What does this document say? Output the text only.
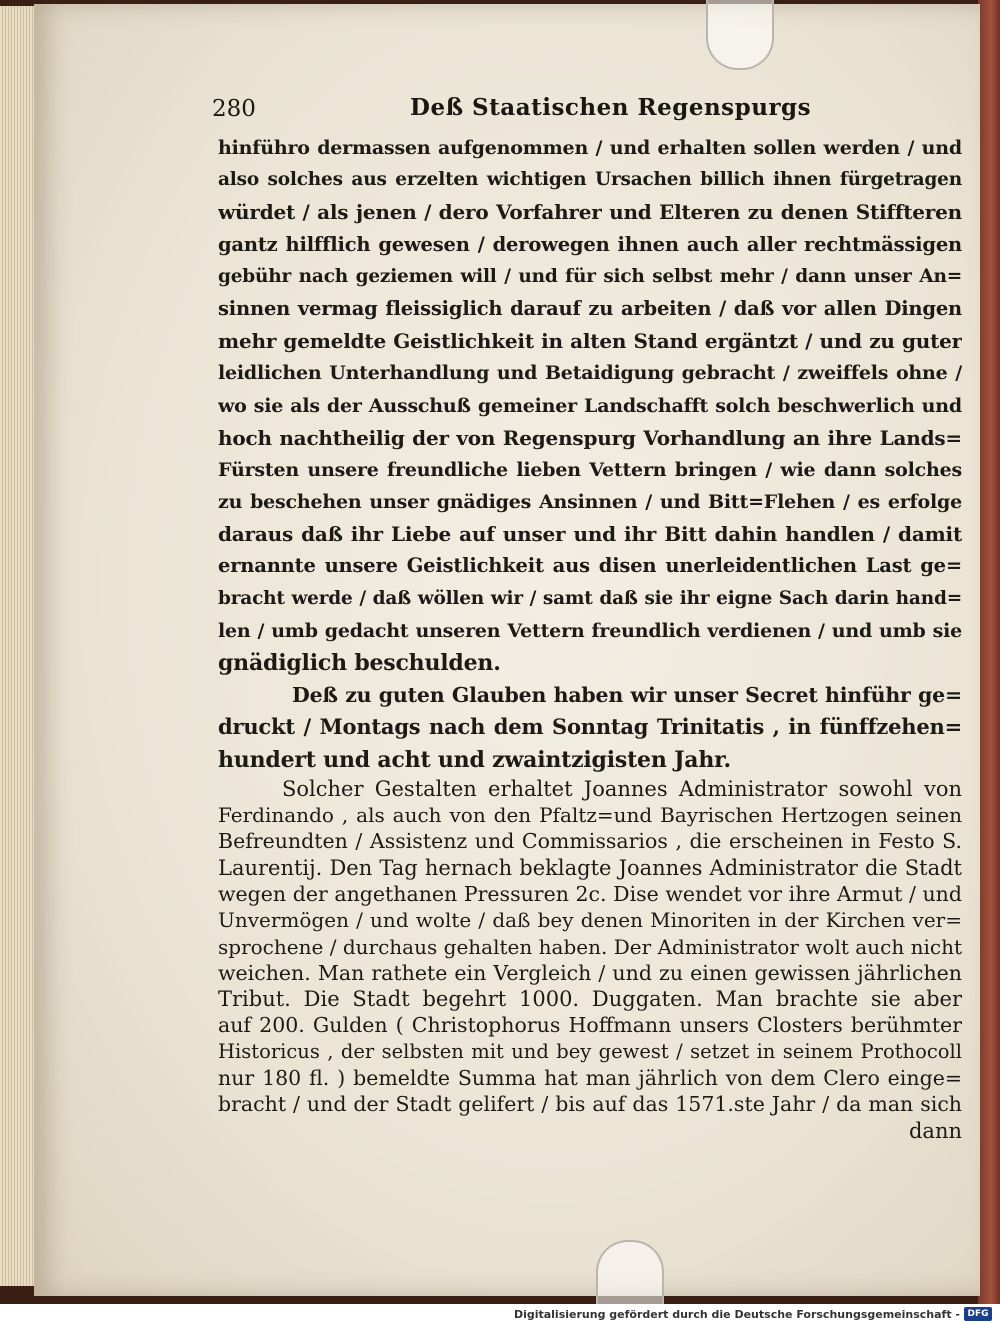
280	Deß Staatischen Regenspurgs
hinführo dermassen aufgenommen / und erhalten sollen werden / und
also solches aus erzelten wichtigen Ursachen billich ihnen fürgetragen
würdet / als jenen / dero Vorfahrer und Elteren zu denen Stiffteren
gantz hilfflich gewesen / derowegen ihnen auch aller rechtmässigen
gebühr nach geziemen will / und für sich selbst mehr / dann unser An=
sinnen vermag fleissiglich darauf zu arbeiten / daß vor allen Dingen
mehr gemeldte Geistlichkeit in alten Stand ergäntzt / und zu guter
leidlichen Unterhandlung und Betaidigung gebracht / zweiffels ohne /
wo sie als der Ausschuß gemeiner Landschafft solch beschwerlich und
hoch nachtheilig der von Regenspurg Vorhandlung an ihre Lands=
Fürsten unsere freundliche lieben Vettern bringen / wie dann solches
zu beschehen unser gnädiges Ansinnen / und Bitt=Flehen / es erfolge
daraus daß ihr Liebe auf unser und ihr Bitt dahin handlen / damit
ernannte unsere Geistlichkeit aus disen unerleidentlichen Last ge=
bracht werde / daß wöllen wir / samt daß sie ihr eigne Sach darin hand=
len / umb gedacht unseren Vettern freundlich verdienen / und umb sie
gnädiglich beschulden.
Deß zu guten Glauben haben wir unser Secret hinführ ge=
druckt / Montags nach dem Sonntag Trinitatis , in fünffzehen=
hundert und acht und zwaintzigisten Jahr.
Solcher Gestalten erhaltet Joannes Administrator sowohl von
Ferdinando , als auch von den Pfaltz=und Bayrischen Hertzogen seinen
Befreundten / Assistenz und Commissarios , die erscheinen in Festo S.
Laurentij. Den Tag hernach beklagte Joannes Administrator die Stadt
wegen der angethanen Pressuren 2c. Dise wendet vor ihre Armut / und
Unvermögen / und wolte / daß bey denen Minoriten in der Kirchen ver=
sprochene / durchaus gehalten haben. Der Administrator wolt auch nicht
weichen. Man rathete ein Vergleich / und zu einen gewissen jährlichen
Tribut. Die Stadt begehrt 1000. Duggaten. Man brachte sie aber
auf 200. Gulden ( Christophorus Hoffmann unsers Closters berühmter
Historicus , der selbsten mit und bey gewest / setzet in seinem Prothocoll
nur 180 fl. ) bemeldte Summa hat man jährlich von dem Clero einge=
bracht / und der Stadt gelifert / bis auf das 1571.ste Jahr / da man sich
dann
Digitalisierung gefördert durch die Deutsche Forschungsgemeinschaft - DFG
